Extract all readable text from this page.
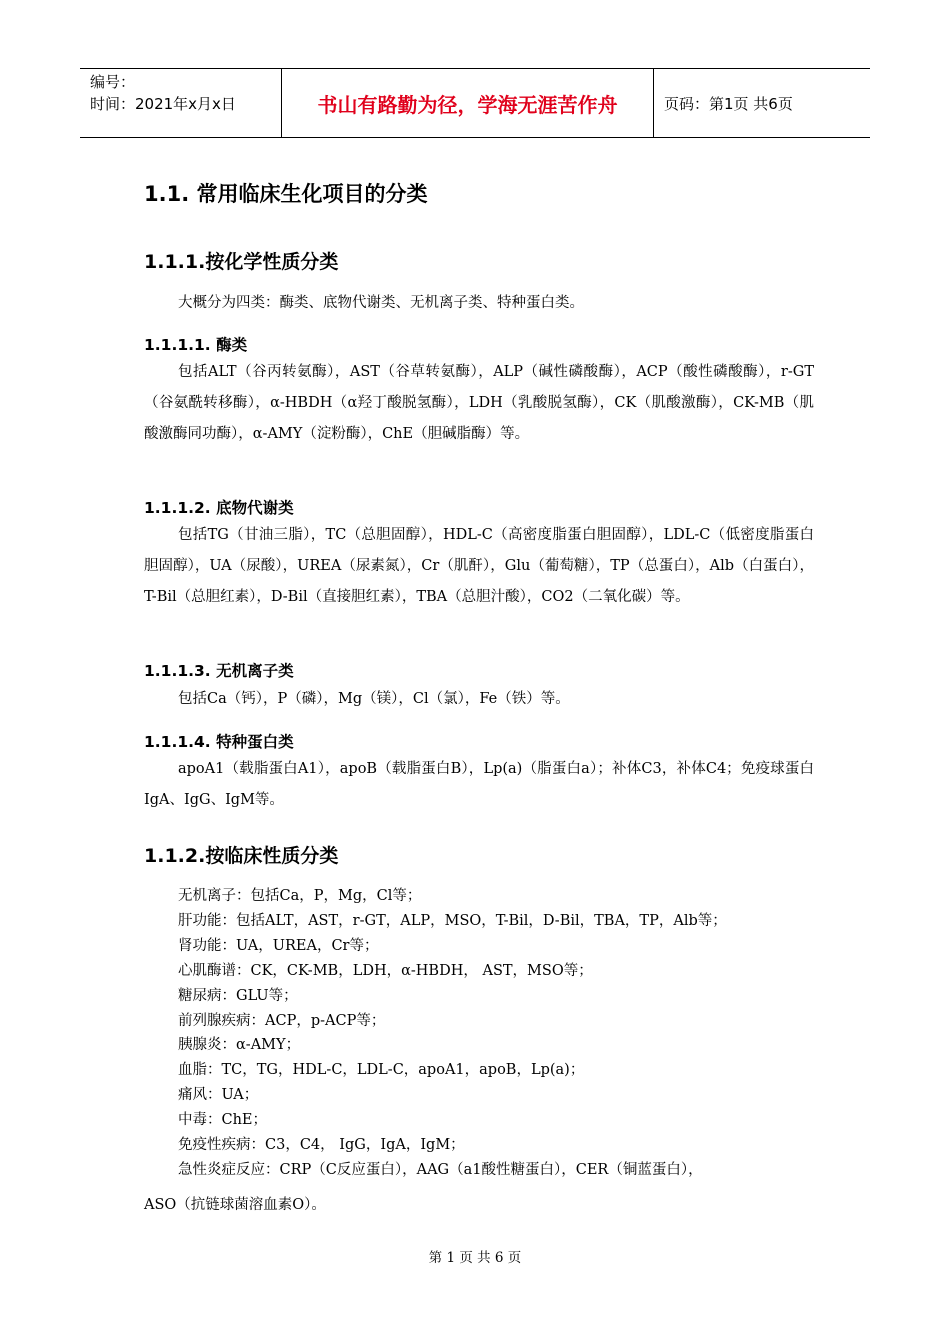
编号：
时间：2021年x月x日	书山有路勤为径，学海无涯苦作舟	页码：第1页 共6页
1.1. 常用临床生化项目的分类
1.1.1.按化学性质分类

大概分为四类：酶类、底物代谢类、无机离子类、特种蛋白类。

1.1.1.1. 酶类

包括ALT（谷丙转氨酶），AST（谷草转氨酶），ALP（碱性磷酸酶），ACP（酸性磷酸酶），r-GT（谷氨酰转移酶），α-HBDH（α羟丁酸脱氢酶），LDH（乳酸脱氢酶），CK（肌酸激酶），CK-MB（肌酸激酶同功酶），α-AMY（淀粉酶），ChE（胆碱脂酶）等。

1.1.1.2. 底物代谢类

包括TG（甘油三脂），TC（总胆固醇），HDL-C（高密度脂蛋白胆固醇），LDL-C（低密度脂蛋白胆固醇），UA（尿酸），UREA（尿素氮），Cr（肌酐），Glu（葡萄糖），TP（总蛋白），Alb（白蛋白），T-Bil（总胆红素），D-Bil（直接胆红素），TBA（总胆汁酸），CO2（二氧化碳）等。

1.1.1.3. 无机离子类

包括Ca（钙），P（磷），Mg（镁），Cl（氯），Fe（铁）等。

1.1.1.4. 特种蛋白类

apoA1（载脂蛋白A1），apoB（载脂蛋白B），Lp(a)（脂蛋白a）；补体C3，补体C4；免疫球蛋白IgA、IgG、IgM等。

1.1.2.按临床性质分类
无机离子：包括Ca，P，Mg，Cl等；
肝功能：包括ALT，AST，r-GT，ALP，MSO，T-Bil，D-Bil，TBA，TP，Alb等；
肾功能：UA，UREA，Cr等；
心肌酶谱：CK，CK-MB，LDH，α-HBDH， AST，MSO等；
糖尿病：GLU等；
前列腺疾病：ACP，p-ACP等；
胰腺炎：α-AMY；
血脂：TC，TG，HDL-C，LDL-C，apoA1，apoB，Lp(a)；
痛风：UA；
中毒：ChE；
免疫性疾病：C3，C4， IgG，IgA，IgM；
急性炎症反应：CRP（C反应蛋白），AAG（a1酸性糖蛋白），CER（铜蓝蛋白），

ASO（抗链球菌溶血素O）。

第 1 页 共 6 页
